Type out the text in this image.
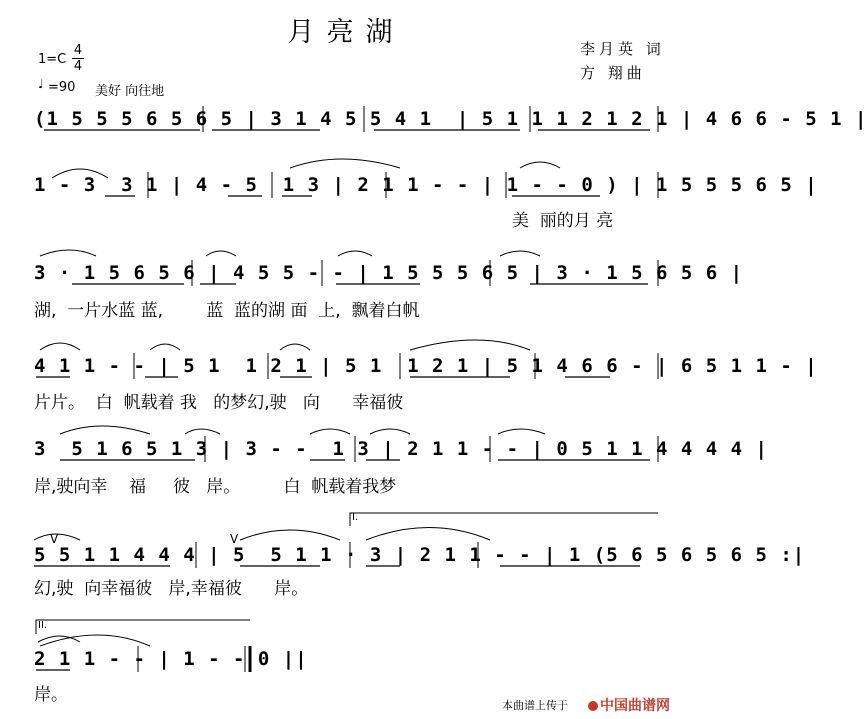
月亮湖
李月英 词
方 翔曲
1=C
4
4
♩ =90 美好 向往地
(1 5 5 5 6 5 6 5 | 3 1 4 5 5 4 1  | 5 1 1 1 2 1 2 1 | 4 6 6 - 5 1 |
1 - 3  3 1 | 4 - 5  1 3 | 2 1 1 - - | 1 - - 0 ) | 1 5 5 5 6 5 |
美  丽的月 亮
3 · 1 5 6 5 6 | 4 5 5 - - | 1 5 5 5 6 5 | 3 · 1 5 6 5 6 |
湖,  一片水蓝 蓝,        蓝  蓝的湖 面  上,  飘着白帆
4 1 1 - - | 5 1  1 2 1 | 5 1  1 2 1 | 5 1 4 6 6 - | 6 5 1 1 - |
片片。  白  帆载着 我   的梦幻,驶   向      幸福彼
3  5 1 6 5 1 3 | 3 - -  1 3 | 2 1 1 - - | 0 5 1 1 4 4 4 4 |
岸,驶向幸    福     彼   岸。        白  帆载着我梦
5 5 1 1 4 4 4 | 5  5 1 1 · 3 | 2 1 1 - - | 1 (5 6 5 6 5 6 5 :|
幻,驶  向幸福彼   岸,幸福彼      岸。
2 1 1 - - | 1 - - 0 ||
岸。
I.
II.
V	V
本曲谱上传于	中国曲谱网
